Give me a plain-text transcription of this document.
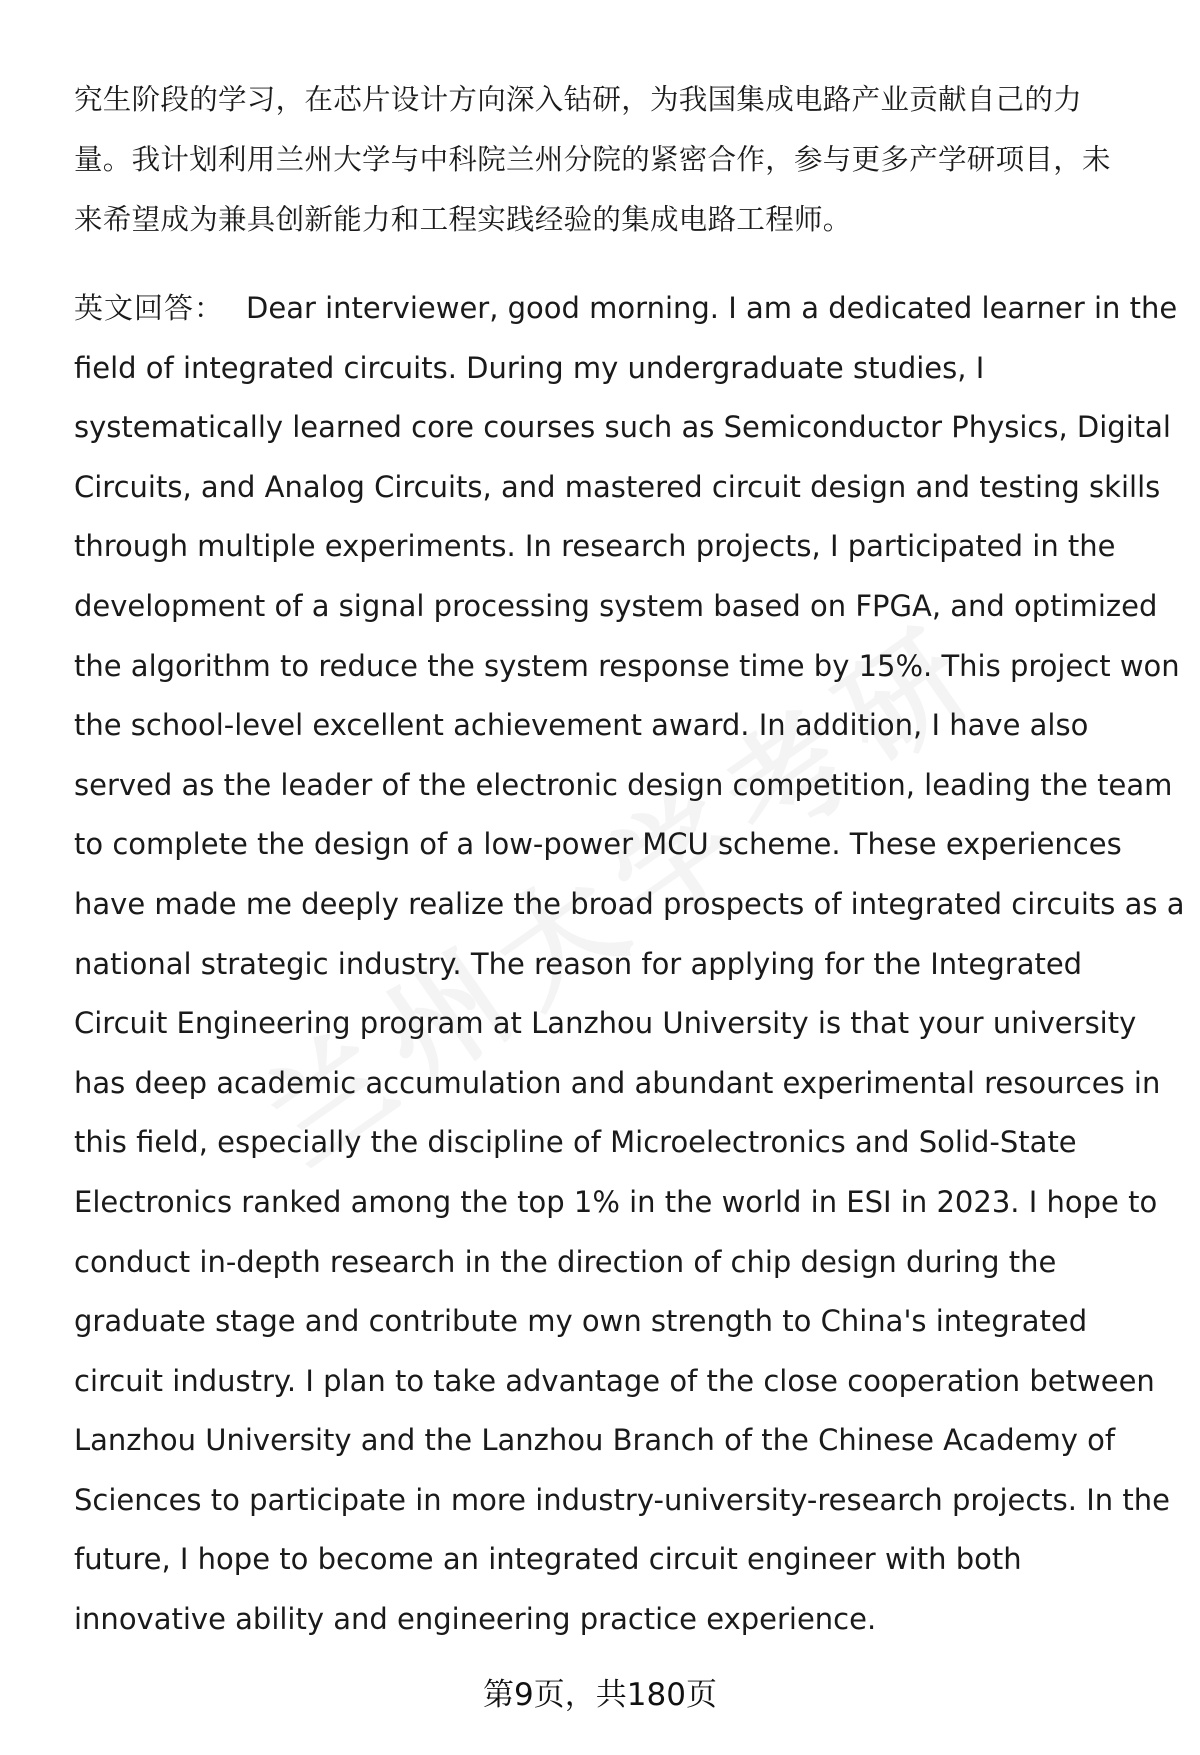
究生阶段的学习，在芯片设计方向深入钻研，为我国集成电路产业贡献自己的力
量。我计划利用兰州大学与中科院兰州分院的紧密合作，参与更多产学研项目，未
来希望成为兼具创新能力和工程实践经验的集成电路工程师。
英文回答： Dear interviewer, good morning. I am a dedicated learner in the
field of integrated circuits. During my undergraduate studies, I
systematically learned core courses such as Semiconductor Physics, Digital
Circuits, and Analog Circuits, and mastered circuit design and testing skills
through multiple experiments. In research projects, I participated in the
development of a signal processing system based on FPGA, and optimized
the algorithm to reduce the system response time by 15%. This project won
the school-level excellent achievement award. In addition, I have also
served as the leader of the electronic design competition, leading the team
to complete the design of a low-power MCU scheme. These experiences
have made me deeply realize the broad prospects of integrated circuits as a
national strategic industry. The reason for applying for the Integrated
Circuit Engineering program at Lanzhou University is that your university
has deep academic accumulation and abundant experimental resources in
this field, especially the discipline of Microelectronics and Solid-State
Electronics ranked among the top 1% in the world in ESI in 2023. I hope to
conduct in-depth research in the direction of chip design during the
graduate stage and contribute my own strength to China's integrated
circuit industry. I plan to take advantage of the close cooperation between
Lanzhou University and the Lanzhou Branch of the Chinese Academy of
Sciences to participate in more industry-university-research projects. In the
future, I hope to become an integrated circuit engineer with both
innovative ability and engineering practice experience.
第9页，共180页
